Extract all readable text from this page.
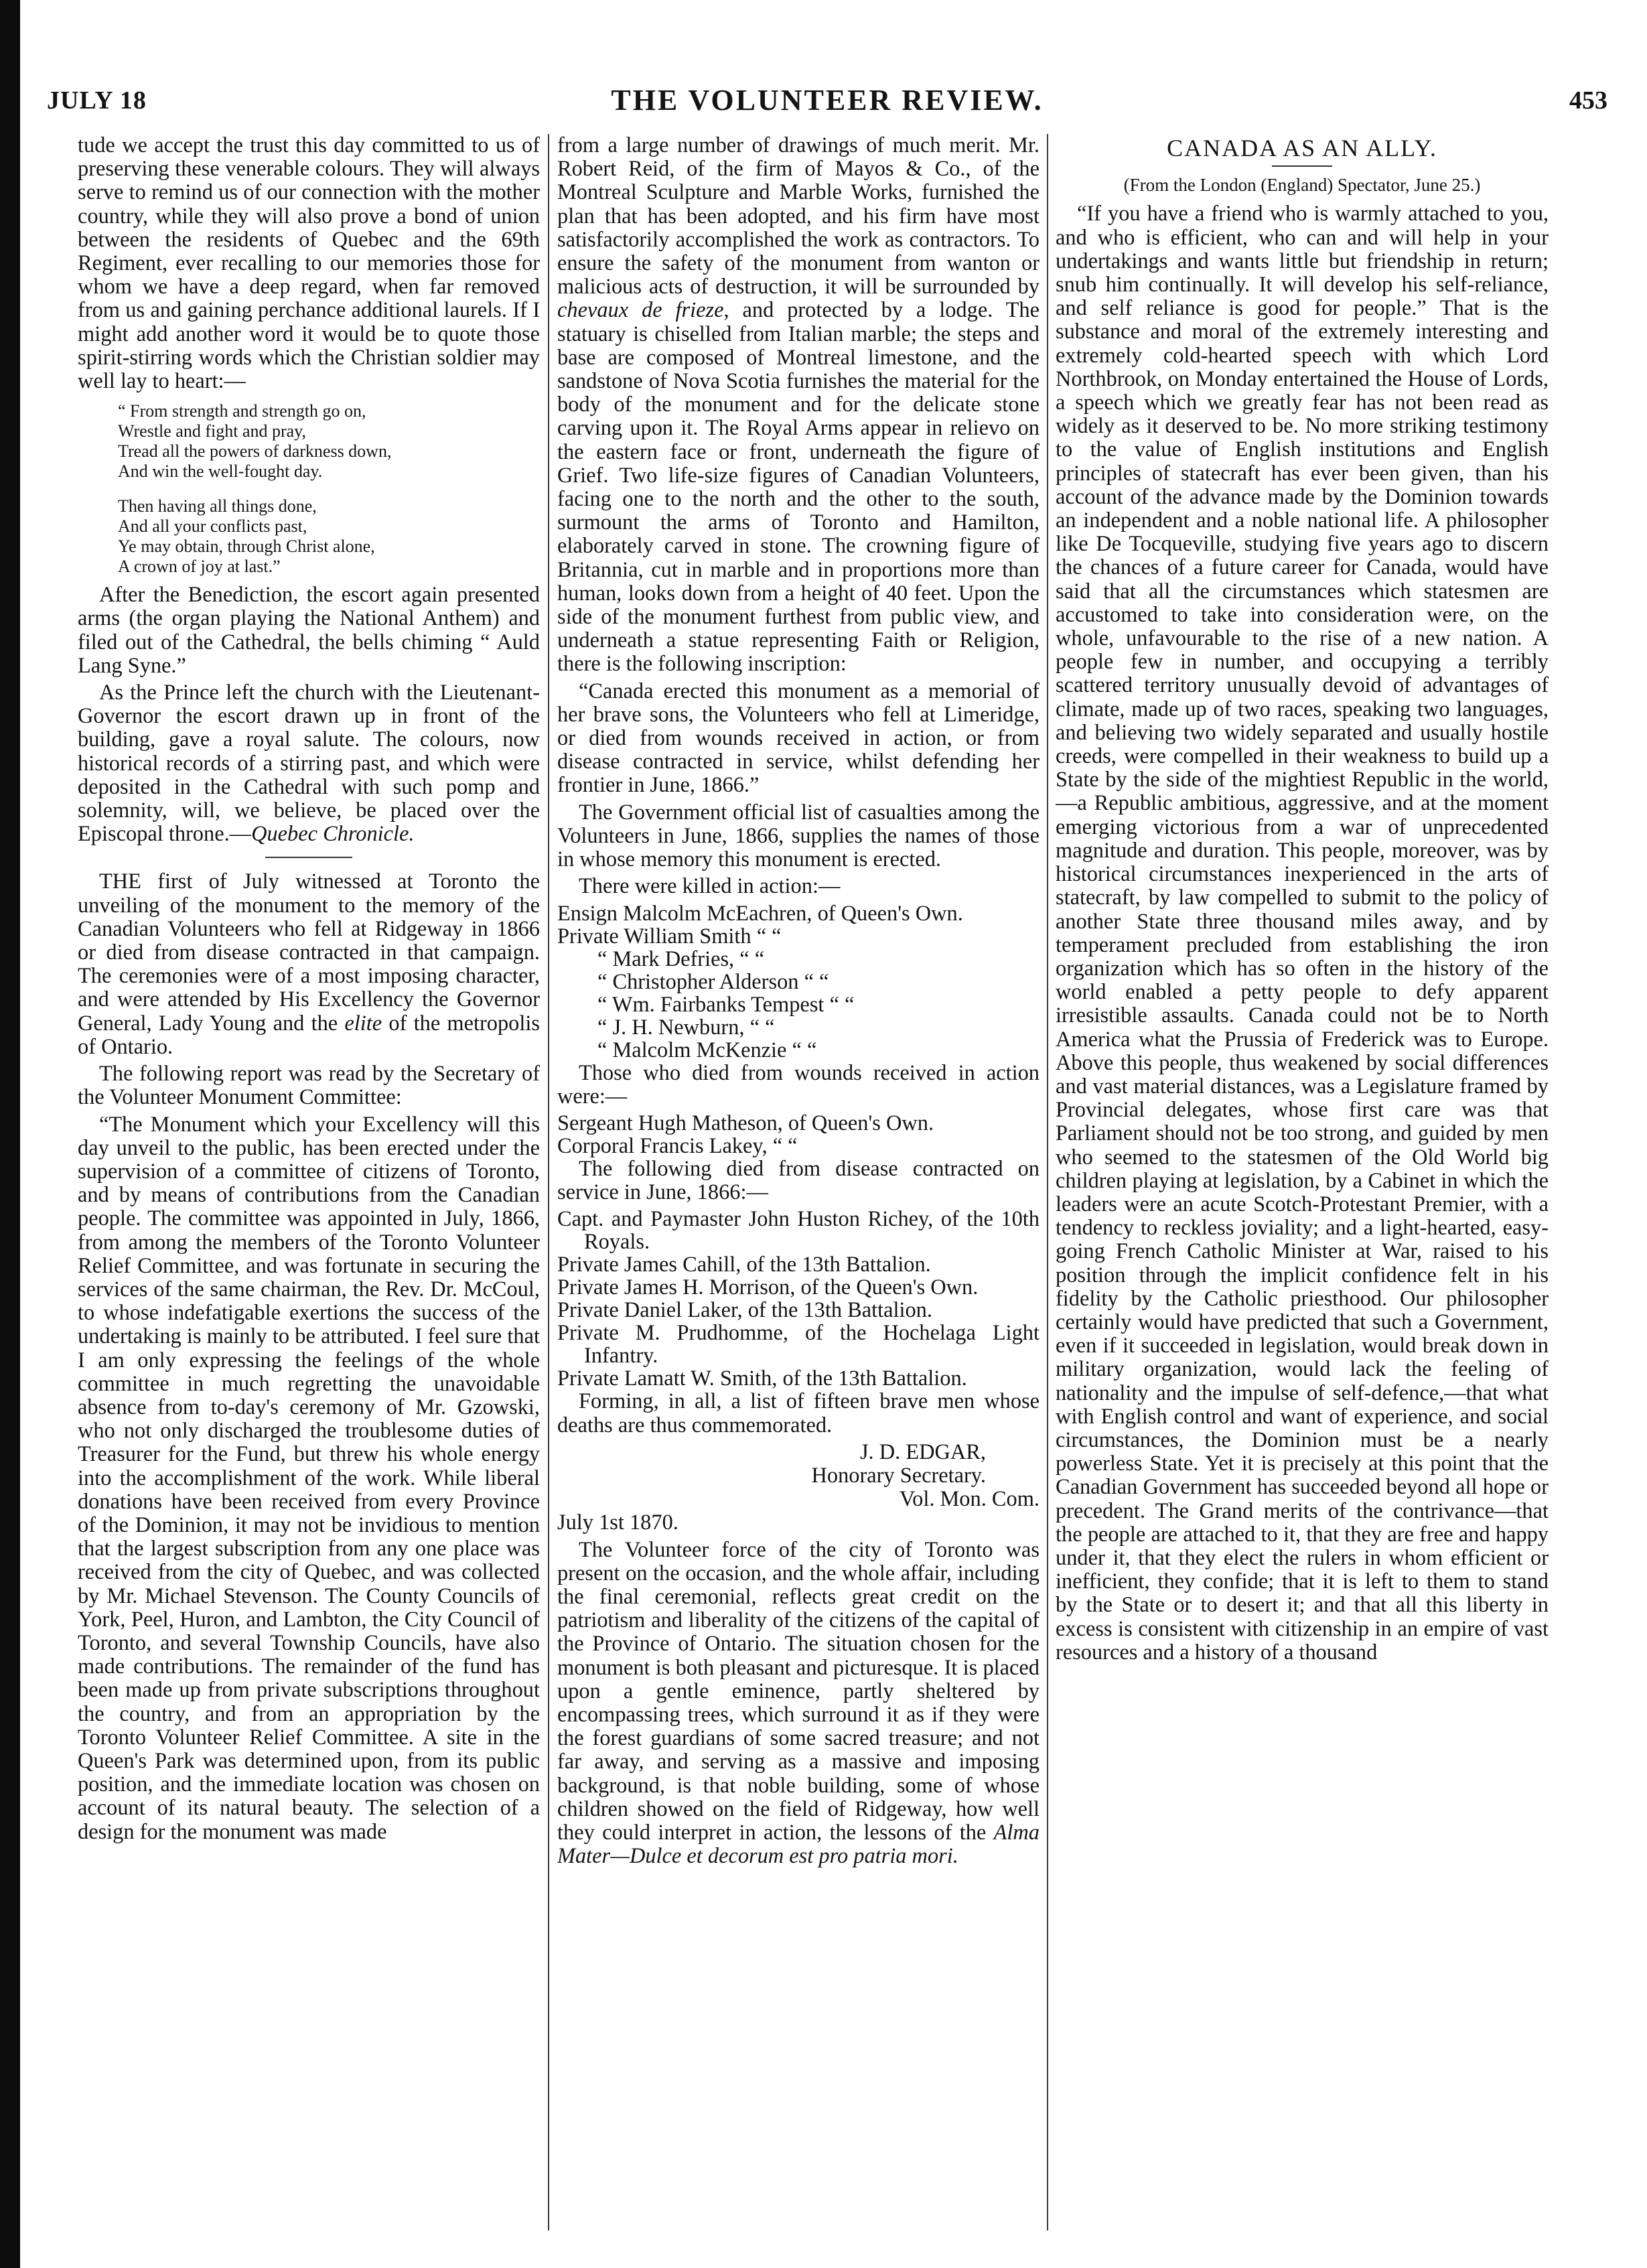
JULY 18	THE VOLUNTEER REVIEW.	453

tude we accept the trust this day committed to us of preserving these venerable colours. They will always serve to remind us of our connection with the mother country, while they will also prove a bond of union between the residents of Quebec and the 69th Regiment, ever recalling to our memories those for whom we have a deep regard, when far removed from us and gaining perchance additional laurels. If I might add another word it would be to quote those spirit-stirring words which the Christian soldier may well lay to heart:—

“ From strength and strength go on,
Wrestle and fight and pray,
Tread all the powers of darkness down,
And win the well-fought day.
Then having all things done,
And all your conflicts past,
Ye may obtain, through Christ alone,
A crown of joy at last.”

After the Benediction, the escort again presented arms (the organ playing the National Anthem) and filed out of the Cathedral, the bells chiming “ Auld Lang Syne.”

As the Prince left the church with the Lieutenant-Governor the escort drawn up in front of the building, gave a royal salute. The colours, now historical records of a stirring past, and which were deposited in the Cathedral with such pomp and solemnity, will, we believe, be placed over the Episcopal throne.—Quebec Chronicle.

THE first of July witnessed at Toronto the unveiling of the monument to the memory of the Canadian Volunteers who fell at Ridgeway in 1866 or died from disease contracted in that campaign. The ceremonies were of a most imposing character, and were attended by His Excellency the Governor General, Lady Young and the elite of the metropolis of Ontario.

The following report was read by the Secretary of the Volunteer Monument Committee:

“The Monument which your Excellency will this day unveil to the public, has been erected under the supervision of a committee of citizens of Toronto, and by means of contributions from the Canadian people. The committee was appointed in July, 1866, from among the members of the Toronto Volunteer Relief Committee, and was fortunate in securing the services of the same chairman, the Rev. Dr. McCoul, to whose indefatigable exertions the success of the undertaking is mainly to be attributed. I feel sure that I am only expressing the feelings of the whole committee in much regretting the unavoidable absence from to-day's ceremony of Mr. Gzowski, who not only discharged the troublesome duties of Treasurer for the Fund, but threw his whole energy into the accomplishment of the work. While liberal donations have been received from every Province of the Dominion, it may not be invidious to mention that the largest subscription from any one place was received from the city of Quebec, and was collected by Mr. Michael Stevenson. The County Councils of York, Peel, Huron, and Lambton, the City Council of Toronto, and several Township Councils, have also made contributions. The remainder of the fund has been made up from private subscriptions throughout the country, and from an appropriation by the Toronto Volunteer Relief Committee. A site in the Queen's Park was determined upon, from its public position, and the immediate location was chosen on account of its natural beauty. The selection of a design for the monument was made

from a large number of drawings of much merit. Mr. Robert Reid, of the firm of Mayos & Co., of the Montreal Sculpture and Marble Works, furnished the plan that has been adopted, and his firm have most satisfactorily accomplished the work as contractors. To ensure the safety of the monument from wanton or malicious acts of destruction, it will be surrounded by chevaux de frieze, and protected by a lodge. The statuary is chiselled from Italian marble; the steps and base are composed of Montreal limestone, and the sandstone of Nova Scotia furnishes the material for the body of the monument and for the delicate stone carving upon it. The Royal Arms appear in relievo on the eastern face or front, underneath the figure of Grief. Two life-size figures of Canadian Volunteers, facing one to the north and the other to the south, surmount the arms of Toronto and Hamilton, elaborately carved in stone. The crowning figure of Britannia, cut in marble and in proportions more than human, looks down from a height of 40 feet. Upon the side of the monument furthest from public view, and underneath a statue representing Faith or Religion, there is the following inscription:

“Canada erected this monument as a memorial of her brave sons, the Volunteers who fell at Limeridge, or died from wounds received in action, or from disease contracted in service, whilst defending her frontier in June, 1866.”

The Government official list of casualties among the Volunteers in June, 1866, supplies the names of those in whose memory this monument is erected.

There were killed in action:—

Ensign Malcolm McEachren, of Queen's Own.

Private William Smith “ “

“ Mark Defries, “ “

“ Christopher Alderson “ “

“ Wm. Fairbanks Tempest “ “

“ J. H. Newburn, “ “

“ Malcolm McKenzie “ “

Those who died from wounds received in action were:—

Sergeant Hugh Matheson, of Queen's Own.

Corporal Francis Lakey, “ “

The following died from disease contracted on service in June, 1866:—

Capt. and Paymaster John Huston Richey, of the 10th Royals.

Private James Cahill, of the 13th Battalion.

Private James H. Morrison, of the Queen's Own.

Private Daniel Laker, of the 13th Battalion.

Private M. Prudhomme, of the Hochelaga Light Infantry.

Private Lamatt W. Smith, of the 13th Battalion.

Forming, in all, a list of fifteen brave men whose deaths are thus commemorated.

J. D. EDGAR,

Honorary Secretary.

Vol. Mon. Com.

July 1st 1870.

The Volunteer force of the city of Toronto was present on the occasion, and the whole affair, including the final ceremonial, reflects great credit on the patriotism and liberality of the citizens of the capital of the Province of Ontario. The situation chosen for the monument is both pleasant and picturesque. It is placed upon a gentle eminence, partly sheltered by encompassing trees, which surround it as if they were the forest guardians of some sacred treasure; and not far away, and serving as a massive and imposing background, is that noble building, some of whose children showed on the field of Ridgeway, how well they could interpret in action, the lessons of the Alma Mater—Dulce et decorum est pro patria mori.

CANADA AS AN ALLY.
(From the London (England) Spectator, June 25.)

“If you have a friend who is warmly attached to you, and who is efficient, who can and will help in your undertakings and wants little but friendship in return; snub him continually. It will develop his self-reliance, and self reliance is good for people.” That is the substance and moral of the extremely interesting and extremely cold-hearted speech with which Lord Northbrook, on Monday entertained the House of Lords, a speech which we greatly fear has not been read as widely as it deserved to be. No more striking testimony to the value of English institutions and English principles of statecraft has ever been given, than his account of the advance made by the Dominion towards an independent and a noble national life. A philosopher like De Tocqueville, studying five years ago to discern the chances of a future career for Canada, would have said that all the circumstances which statesmen are accustomed to take into consideration were, on the whole, unfavourable to the rise of a new nation. A people few in number, and occupying a terribly scattered territory unusually devoid of advantages of climate, made up of two races, speaking two languages, and believing two widely separated and usually hostile creeds, were compelled in their weakness to build up a State by the side of the mightiest Republic in the world,—a Republic ambitious, aggressive, and at the moment emerging victorious from a war of unprecedented magnitude and duration. This people, moreover, was by historical circumstances inexperienced in the arts of statecraft, by law compelled to submit to the policy of another State three thousand miles away, and by temperament precluded from establishing the iron organization which has so often in the history of the world enabled a petty people to defy apparent irresistible assaults. Canada could not be to North America what the Prussia of Frederick was to Europe. Above this people, thus weakened by social differences and vast material distances, was a Legislature framed by Provincial delegates, whose first care was that Parliament should not be too strong, and guided by men who seemed to the statesmen of the Old World big children playing at legislation, by a Cabinet in which the leaders were an acute Scotch-Protestant Premier, with a tendency to reckless joviality; and a light-hearted, easy-going French Catholic Minister at War, raised to his position through the implicit confidence felt in his fidelity by the Catholic priesthood. Our philosopher certainly would have predicted that such a Government, even if it succeeded in legislation, would break down in military organization, would lack the feeling of nationality and the impulse of self-defence,—that what with English control and want of experience, and social circumstances, the Dominion must be a nearly powerless State. Yet it is precisely at this point that the Canadian Government has succeeded beyond all hope or precedent. The Grand merits of the contrivance—that the people are attached to it, that they are free and happy under it, that they elect the rulers in whom efficient or inefficient, they confide; that it is left to them to stand by the State or to desert it; and that all this liberty in excess is consistent with citizenship in an empire of vast resources and a history of a thousand
